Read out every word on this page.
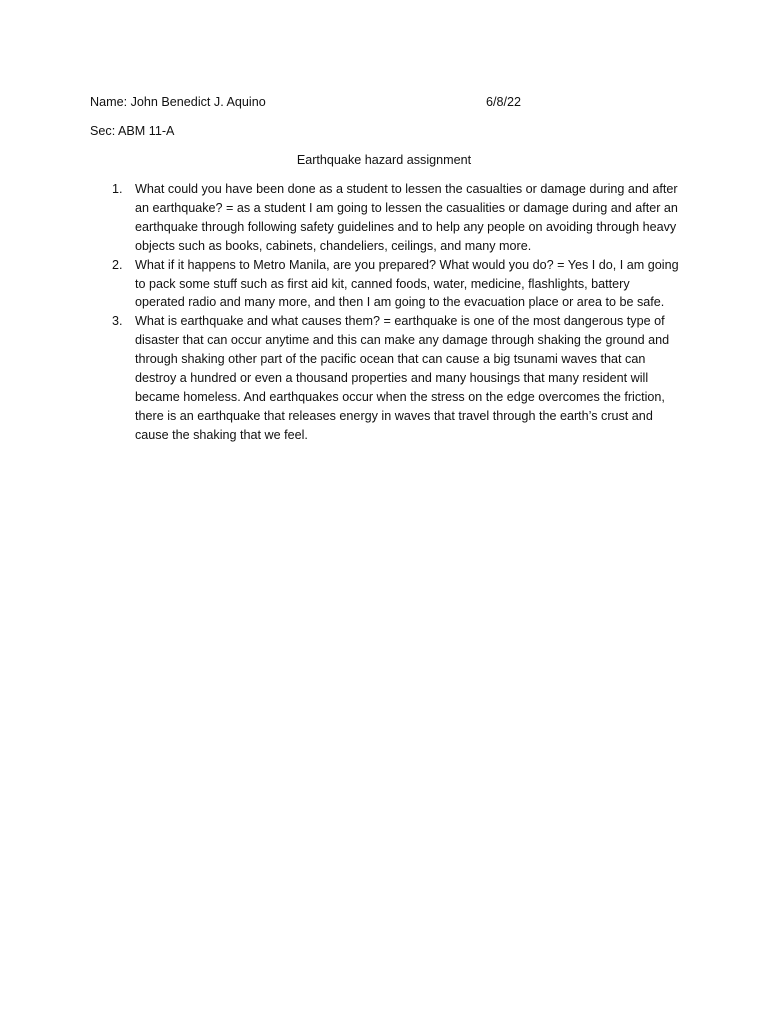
Name: John Benedict J. Aquino	6/8/22
Sec: ABM 11-A
Earthquake hazard assignment
1. What could you have been done as a student to lessen the casualties or damage during and after an earthquake? = as a student I am going to lessen the casualities or damage during and after an earthquake through following safety guidelines and to help any people on avoiding through heavy objects such as books, cabinets, chandeliers, ceilings, and many more.
2. What if it happens to Metro Manila, are you prepared? What would you do? = Yes I do, I am going to pack some stuff such as first aid kit, canned foods, water, medicine, flashlights, battery operated radio and many more, and then I am going to the evacuation place or area to be safe.
3. What is earthquake and what causes them? = earthquake is one of the most dangerous type of disaster that can occur anytime and this can make any damage through shaking the ground and through shaking other part of the pacific ocean that can cause a big tsunami waves that can destroy a hundred or even a thousand properties and many housings that many resident will became homeless. And earthquakes occur when the stress on the edge overcomes the friction, there is an earthquake that releases energy in waves that travel through the earth’s crust and cause the shaking that we feel.
